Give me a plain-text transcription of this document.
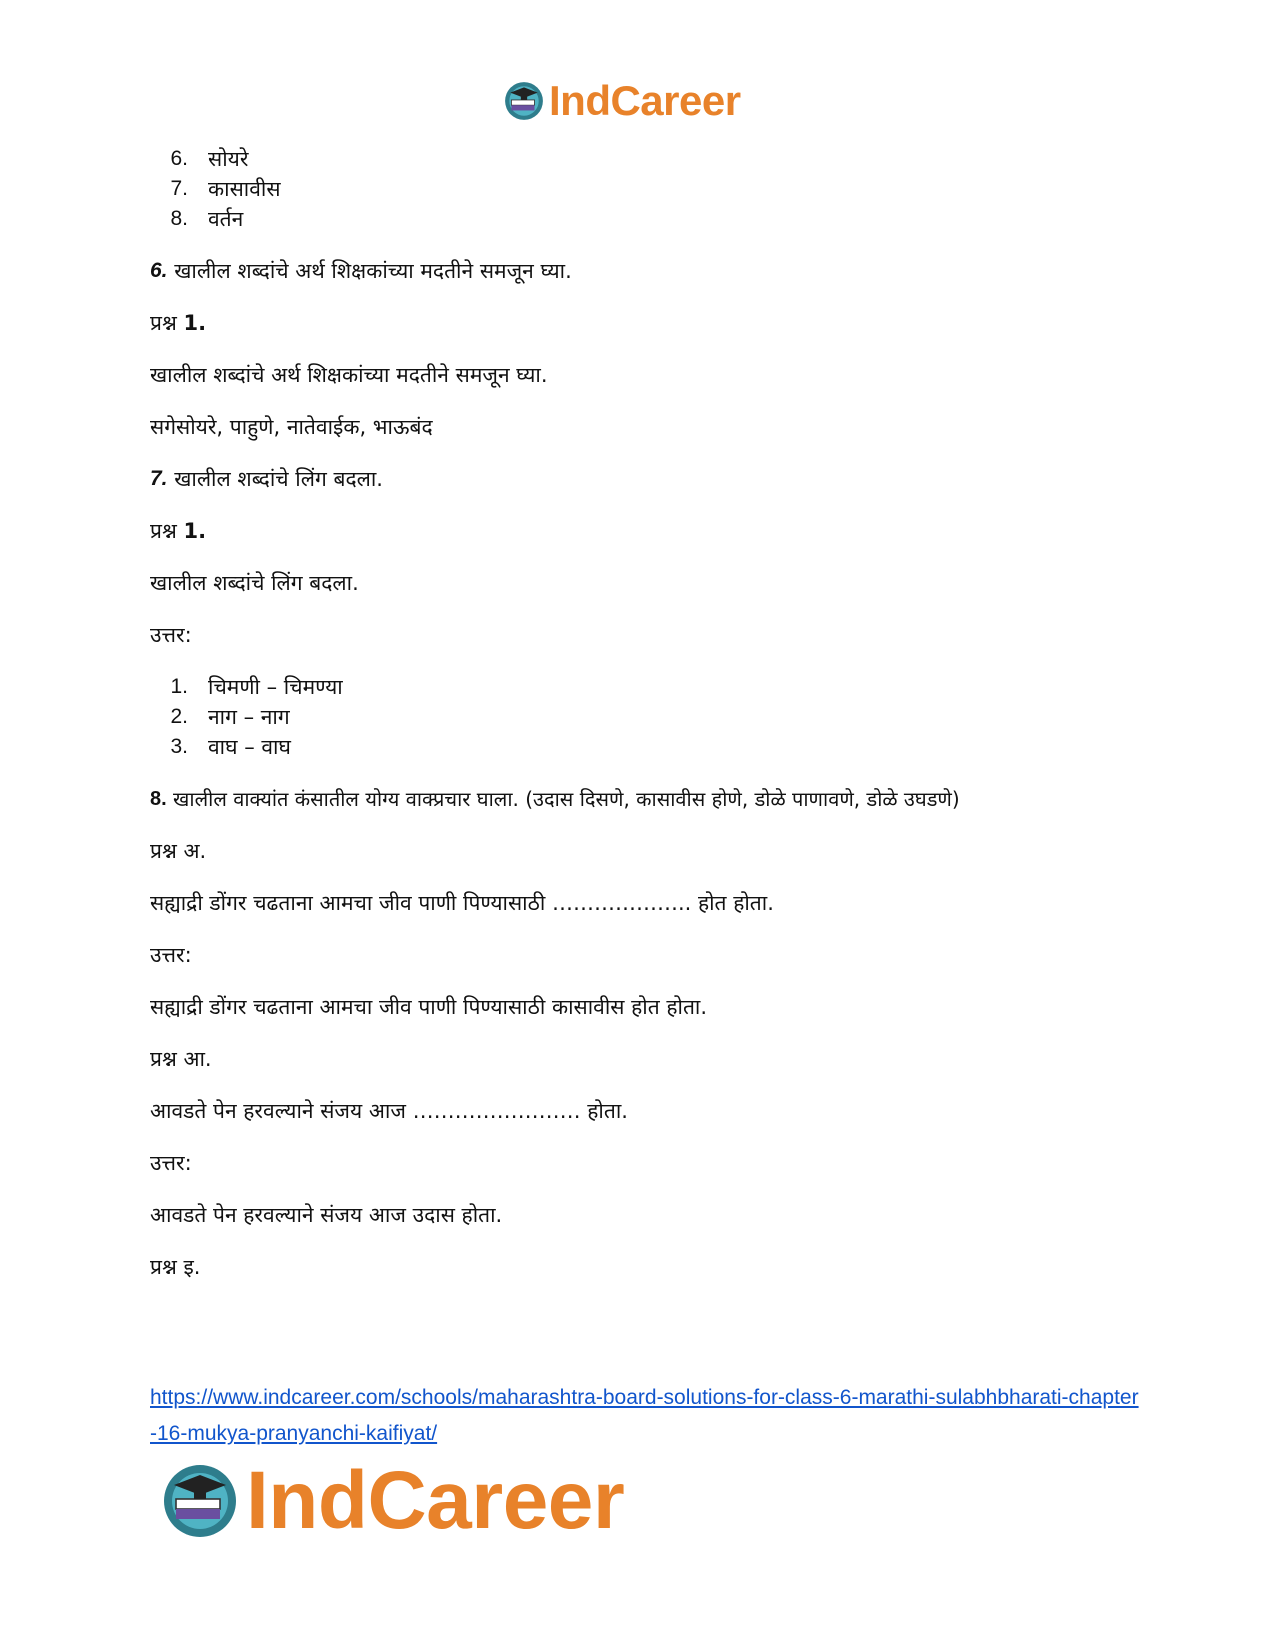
IndCareer
6. सोयरे
7. कासावीस
8. वर्तन

6.
खालील शब्दांचे अर्थ शिक्षकांच्या मदतीने समजून घ्या.

प्रश्न
1.

खालील शब्दांचे अर्थ शिक्षकांच्या मदतीने समजून घ्या.

सगेसोयरे, पाहुणे, नातेवाईक, भाऊबंद

7.
खालील शब्दांचे लिंग बदला.

प्रश्न
1.

खालील शब्दांचे लिंग बदला.

उत्तर:

1. चिमणी – चिमण्या
2. नाग – नाग
3. वाघ – वाघ

8.
खालील वाक्यांत कंसातील योग्य वाक्प्रचार घाला. (उदास दिसणे, कासावीस होणे, डोळे पाणावणे, डोळे उघडणे)

प्रश्न अ.

सह्याद्री डोंगर चढताना आमचा जीव पाणी पिण्यासाठी ……………….. होत होता.

उत्तर:

सह्याद्री डोंगर चढताना आमचा जीव पाणी पिण्यासाठी कासावीस होत होता.

प्रश्न आ.

आवडते पेन हरवल्याने संजय आज …………………… होता.

उत्तर:

आवडते पेन हरवल्याने संजय आज उदास होता.

प्रश्न इ.

https://www.indcareer.com/schools/maharashtra-board-solutions-for-class-6-marathi-sulabhbharati-chapter-16-mukya-pranyanchi-kaifiyat/
IndCareer
